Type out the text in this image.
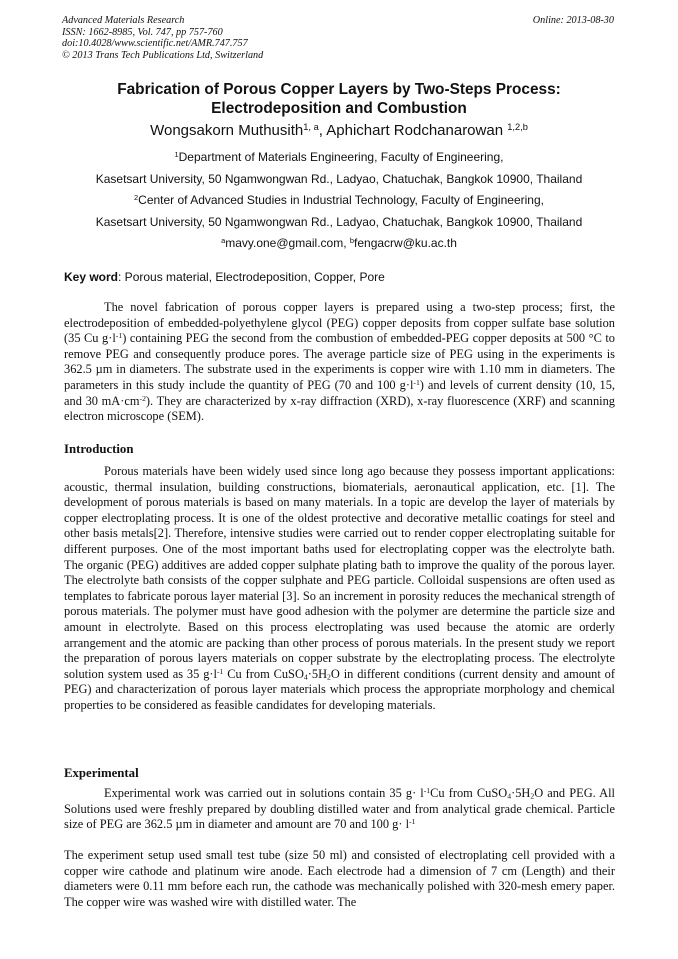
Advanced Materials Research
ISSN: 1662-8985, Vol. 747, pp 757-760
doi:10.4028/www.scientific.net/AMR.747.757
© 2013 Trans Tech Publications Ltd, Switzerland
Online: 2013-08-30
Fabrication of Porous Copper Layers by Two-Steps Process:
Electrodeposition and Combustion
Wongsakorn Muthusith$^{1, a}$, Aphichart Rodchanarowan $^{1,2,b}$
$^1$Department of Materials Engineering, Faculty of Engineering,
Kasetsart University, 50 Ngamwongwan Rd., Ladyao, Chatuchak, Bangkok 10900, Thailand
$^2$Center of Advanced Studies in Industrial Technology, Faculty of Engineering,
Kasetsart University, 50 Ngamwongwan Rd., Ladyao, Chatuchak, Bangkok 10900, Thailand
$^a$mavy.one@gmail.com, $^b$fengacrw@ku.ac.th
Key word: Porous material, Electrodeposition, Copper, Pore

The novel fabrication of porous copper layers is prepared using a two-step process; first, the electrodeposition of embedded-polyethylene glycol (PEG) copper deposits from copper sulfate base solution (35 Cu $g\cdot l^{-1}$) containing PEG the second from the combustion of embedded-PEG copper deposits at 500 °C to remove PEG and consequently produce pores. The average particle size of PEG using in the experiments is 362.5 µm in diameters. The substrate used in the experiments is copper wire with 1.10 mm in diameters. The parameters in this study include the quantity of PEG (70 and 100 $g\cdot l^{-1}$) and levels of current density (10, 15, and 30 $mA\cdot cm^{-2}$). They are characterized by x-ray diffraction (XRD), x-ray fluorescence (XRF) and scanning electron microscope (SEM).

Introduction

Porous materials have been widely used since long ago because they possess important applications: acoustic, thermal insulation, building constructions, biomaterials, aeronautical application, etc. [1]. The development of porous materials is based on many materials. In a topic are develop the layer of materials by copper electroplating process. It is one of the oldest protective and decorative metallic coatings for steel and other basis metals[2]. Therefore, intensive studies were carried out to render copper electroplating suitable for different purposes. One of the most important baths used for electroplating copper was the electrolyte bath. The organic (PEG) additives are added copper sulphate plating bath to improve the quality of the porous layer. The electrolyte bath consists of the copper sulphate and PEG particle. Colloidal suspensions are often used as templates to fabricate porous layer material [3]. So an increment in porosity reduces the mechanical strength of porous materials. The polymer must have good adhesion with the polymer are determine the particle size and amount in electrolyte. Based on this process electroplating was used because the atomic are orderly arrangement and the atomic are packing than other process of porous materials. In the present study we report the preparation of porous layers materials on copper substrate by the electroplating process. The electrolyte solution system used as 35 $g\cdot l^{-1}$ Cu from $CuSO_4\cdot 5H_2O$ in different conditions (current density and amount of PEG) and characterization of porous layer materials which process the appropriate morphology and chemical properties to be considered as feasible candidates for developing materials.

Experimental

Experimental work was carried out in solutions contain 35 $g\cdot l^{-1}Cu$ from $CuSO_4\cdot 5H_2O$ and PEG. All Solutions used were freshly prepared by doubling distilled water and from analytical grade chemical. Particle size of PEG are 362.5 µm in diameter and amount are 70 and 100 $g\cdot l^{-1}$

The experiment setup used small test tube (size 50 ml) and consisted of electroplating cell provided with a copper wire cathode and platinum wire anode. Each electrode had a dimension of 7 cm (Length) and their diameters were 0.11 mm before each run, the cathode was mechanically polished with 320-mesh emery paper. The copper wire was washed wire with distilled water. The
